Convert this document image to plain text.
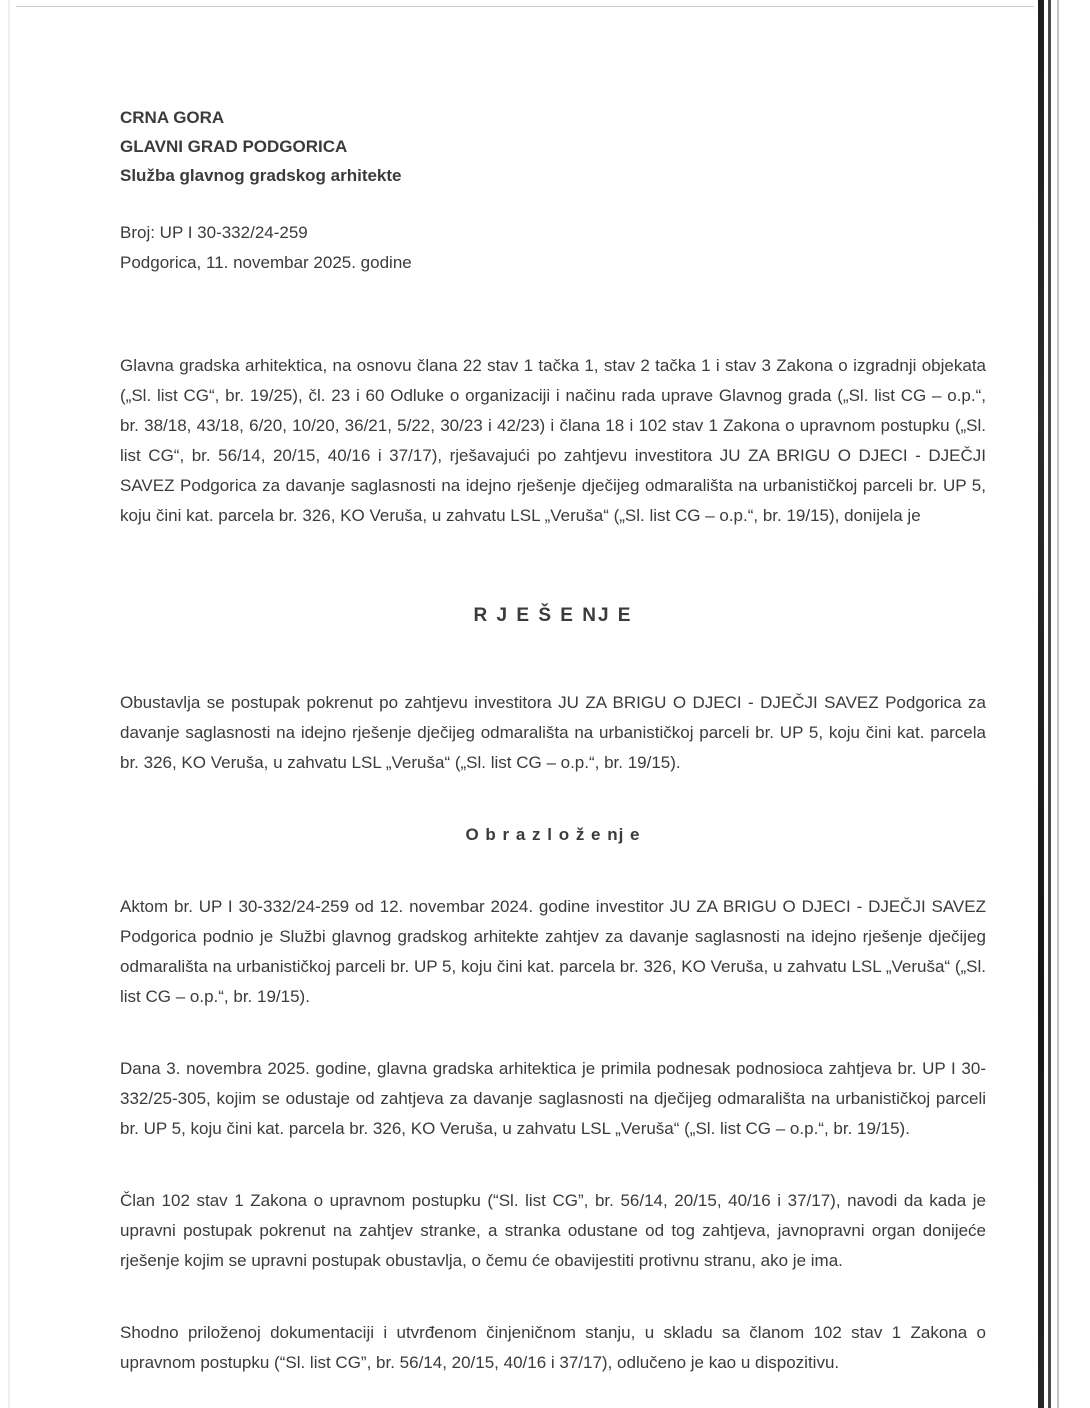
CRNA GORA
GLAVNI GRAD PODGORICA
Služba glavnog gradskog arhitekte
Broj: UP I 30-332/24-259
Podgorica, 11. novembar 2025. godine
Glavna gradska arhitektica, na osnovu člana 22 stav 1 tačka 1, stav 2 tačka 1 i stav 3 Zakona o izgradnji objekata („Sl. list CG“, br. 19/25), čl. 23 i 60 Odluke o organizaciji i načinu rada uprave Glavnog grada („Sl. list CG – o.p.“, br. 38/18, 43/18, 6/20, 10/20, 36/21, 5/22, 30/23 i 42/23) i člana 18 i 102 stav 1 Zakona o upravnom postupku („Sl. list CG“, br. 56/14, 20/15, 40/16 i 37/17), rješavajući po zahtjevu investitora JU ZA BRIGU O DJECI - DJEČJI SAVEZ Podgorica za davanje saglasnosti na idejno rješenje dječijeg odmarališta na urbanističkoj parceli br. UP 5, koju čini kat. parcela br. 326, KO Veruša, u zahvatu LSL „Veruša“ („Sl. list CG – o.p.“, br. 19/15), donijela je
R J E Š E NJ E
Obustavlja se postupak pokrenut po zahtjevu investitora JU ZA BRIGU O DJECI - DJEČJI SAVEZ Podgorica za davanje saglasnosti na idejno rješenje dječijeg odmarališta na urbanističkoj parceli br. UP 5, koju čini kat. parcela br. 326, KO Veruša, u zahvatu LSL „Veruša“ („Sl. list CG – o.p.“, br. 19/15).
O b r a z l o ž e nj e
Aktom br. UP I 30-332/24-259 od 12. novembar 2024. godine investitor JU ZA BRIGU O DJECI - DJEČJI SAVEZ Podgorica podnio je Službi glavnog gradskog arhitekte zahtjev za davanje saglasnosti na idejno rješenje dječijeg odmarališta na urbanističkoj parceli br. UP 5, koju čini kat. parcela br. 326, KO Veruša, u zahvatu LSL „Veruša“ („Sl. list CG – o.p.“, br. 19/15).
Dana 3. novembra 2025. godine, glavna gradska arhitektica je primila podnesak podnosioca zahtjeva br. UP I 30-332/25-305, kojim se odustaje od zahtjeva za davanje saglasnosti na dječijeg odmarališta na urbanističkoj parceli br. UP 5, koju čini kat. parcela br. 326, KO Veruša, u zahvatu LSL „Veruša“ („Sl. list CG – o.p.“, br. 19/15).
Član 102 stav 1 Zakona o upravnom postupku (“Sl. list CG”, br. 56/14, 20/15, 40/16 i 37/17), navodi da kada je upravni postupak pokrenut na zahtjev stranke, a stranka odustane od tog zahtjeva, javnopravni organ donijeće rješenje kojim se upravni postupak obustavlja, o čemu će obavijestiti protivnu stranu, ako je ima.
Shodno priloženoj dokumentaciji i utvrđenom činjeničnom stanju, u skladu sa članom 102 stav 1 Zakona o upravnom postupku (“Sl. list CG”, br. 56/14, 20/15, 40/16 i 37/17), odlučeno je kao u dispozitivu.
